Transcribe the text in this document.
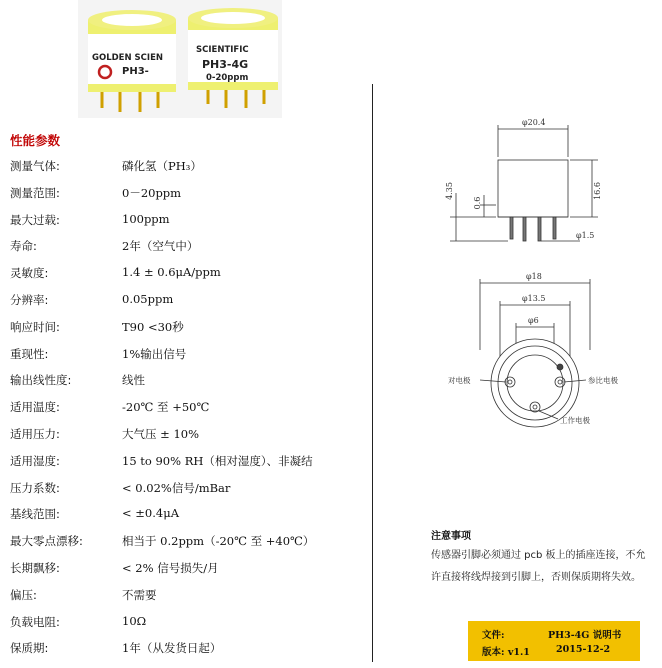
GOLDEN SCIEN
PH3-
SCIENTIFIC
PH3-4G
0-20ppm
性能参数
测量气体:	磷化氢（PH₃）
测量范围:	0－20ppm
最大过载:	100ppm
寿命:	2年（空气中）
灵敏度:	1.4 ± 0.6μA/ppm
分辨率:	0.05ppm
响应时间:	T90 <30秒
重现性:	1%输出信号
输出线性度:	线性
适用温度:	-20℃ 至 +50℃
适用压力:	大气压 ± 10%
适用湿度:	15 to 90% RH（相对湿度）、非凝结
压力系数:	< 0.02%信号/mBar
基线范围:	< ±0.4μA
最大零点漂移:	相当于 0.2ppm（-20℃ 至 +40℃）
长期飘移:	< 2% 信号损失/月
偏压:	不需要
负载电阻:	10Ω
保质期:	1年（从发货日起）
φ20.4
16.6
4.35
0.6
φ1.5
φ18
φ13.5
φ6
对电极	参比电极
工作电极
注意事项
传感器引脚必须通过 pcb 板上的插座连接，不允
许直接将线焊接到引脚上，否则保质期将失效。
文件:	PH3-4G 说明书
版本: v1.1	2015-12-2
